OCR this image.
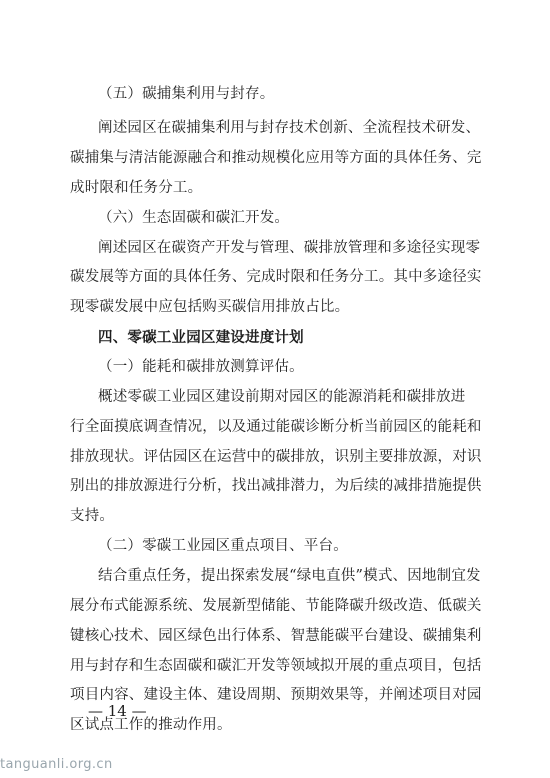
（五）碳捕集利用与封存。
阐述园区在碳捕集利用与封存技术创新、全流程技术研发、
碳捕集与清洁能源融合和推动规模化应用等方面的具体任务、完
成时限和任务分工。
（六）生态固碳和碳汇开发。
阐述园区在碳资产开发与管理、碳排放管理和多途径实现零
碳发展等方面的具体任务、完成时限和任务分工。其中多途径实
现零碳发展中应包括购买碳信用排放占比。
四、零碳工业园区建设进度计划
（一）能耗和碳排放测算评估。
概述零碳工业园区建设前期对园区的能源消耗和碳排放进
行全面摸底调查情况，以及通过能碳诊断分析当前园区的能耗和
排放现状。评估园区在运营中的碳排放，识别主要排放源，对识
别出的排放源进行分析，找出减排潜力，为后续的减排措施提供
支持。
（二）零碳工业园区重点项目、平台。
结合重点任务，提出探索发展“绿电直供”模式、因地制宜发
展分布式能源系统、发展新型储能、节能降碳升级改造、低碳关
键核心技术、园区绿色出行体系、智慧能碳平台建设、碳捕集利
用与封存和生态固碳和碳汇开发等领域拟开展的重点项目，包括
项目内容、建设主体、建设周期、预期效果等，并阐述项目对园
区试点工作的推动作用。
— 14 —
tanguanli.org.cn
